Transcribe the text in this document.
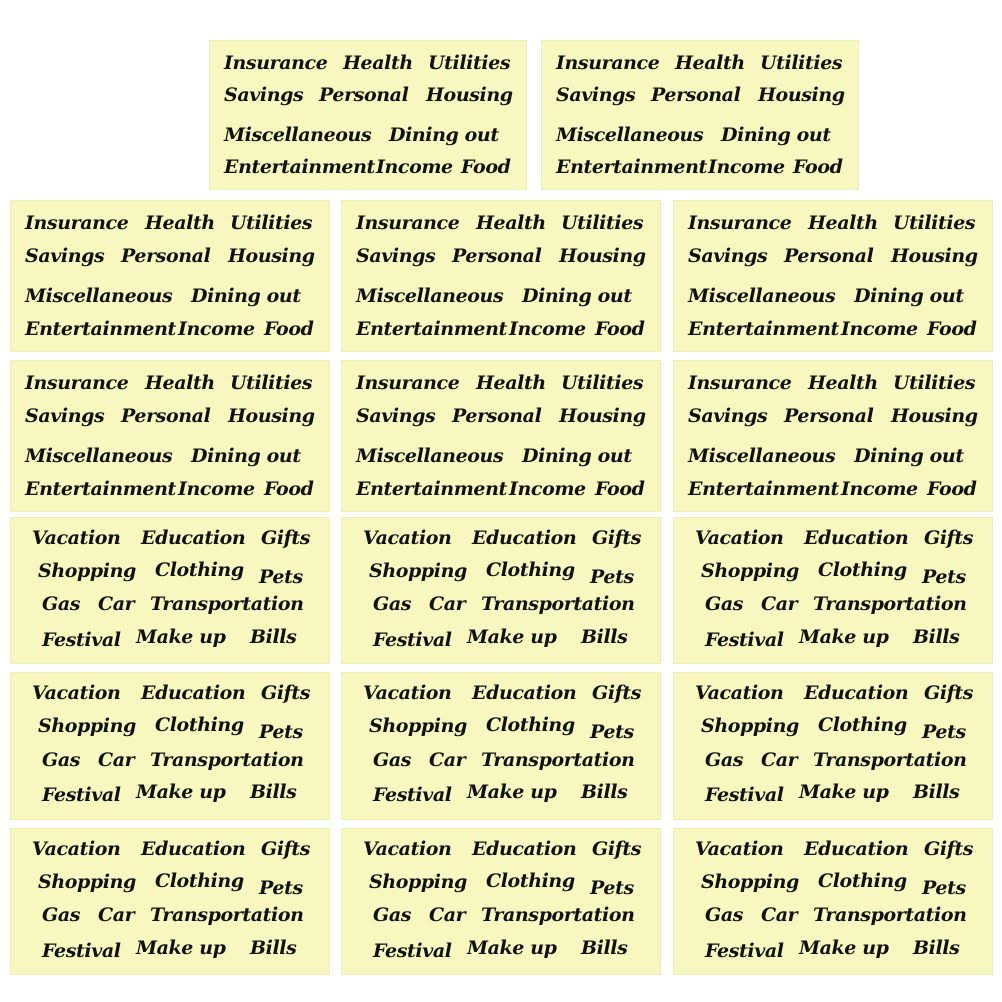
Insurance Health Utilities
Savings Personal Housing
Miscellaneous Dining out
Entertainment Income Food
Insurance Health Utilities
Savings Personal Housing
Miscellaneous Dining out
Entertainment Income Food
Insurance Health Utilities
Savings Personal Housing
Miscellaneous Dining out
Entertainment Income Food
Insurance Health Utilities
Savings Personal Housing
Miscellaneous Dining out
Entertainment Income Food
Insurance Health Utilities
Savings Personal Housing
Miscellaneous Dining out
Entertainment Income Food
Insurance Health Utilities
Savings Personal Housing
Miscellaneous Dining out
Entertainment Income Food
Insurance Health Utilities
Savings Personal Housing
Miscellaneous Dining out
Entertainment Income Food
Insurance Health Utilities
Savings Personal Housing
Miscellaneous Dining out
Entertainment Income Food
Vacation Education Gifts
Shopping Clothing Pets
Gas Car Transportation
Festival Make up Bills
Vacation Education Gifts
Shopping Clothing Pets
Gas Car Transportation
Festival Make up Bills
Vacation Education Gifts
Shopping Clothing Pets
Gas Car Transportation
Festival Make up Bills
Vacation Education Gifts
Shopping Clothing Pets
Gas Car Transportation
Festival Make up Bills
Vacation Education Gifts
Shopping Clothing Pets
Gas Car Transportation
Festival Make up Bills
Vacation Education Gifts
Shopping Clothing Pets
Gas Car Transportation
Festival Make up Bills
Vacation Education Gifts
Shopping Clothing Pets
Gas Car Transportation
Festival Make up Bills
Vacation Education Gifts
Shopping Clothing Pets
Gas Car Transportation
Festival Make up Bills
Vacation Education Gifts
Shopping Clothing Pets
Gas Car Transportation
Festival Make up Bills
